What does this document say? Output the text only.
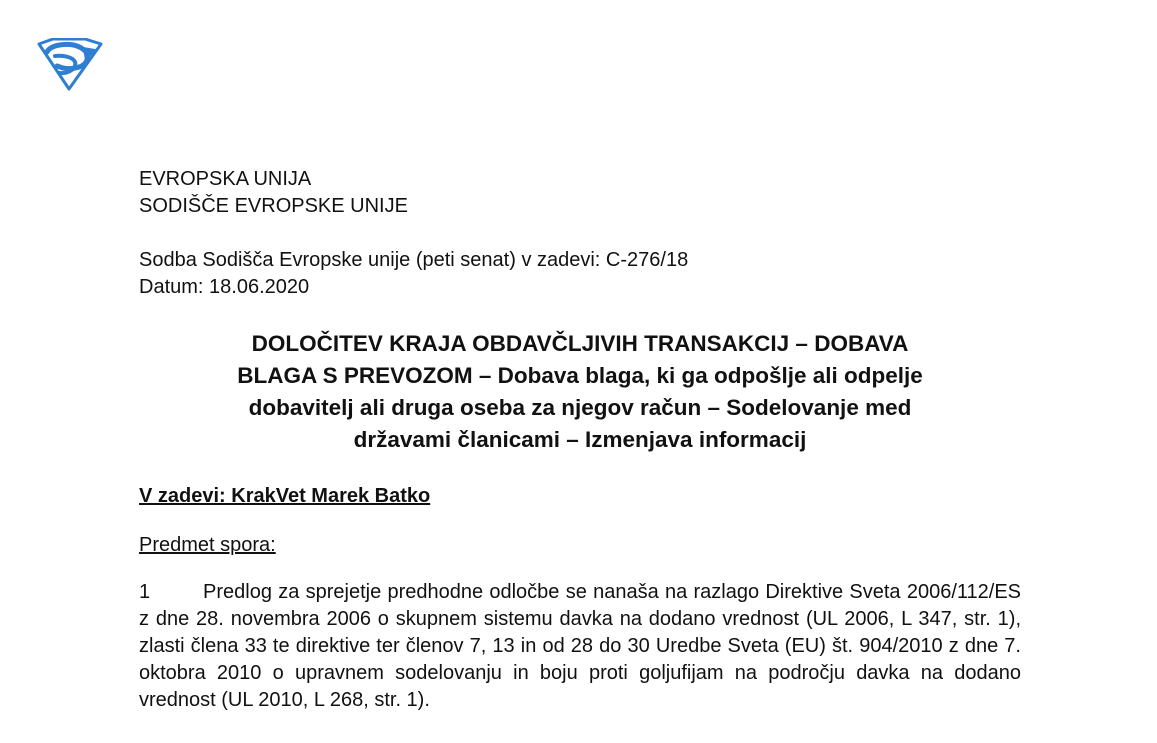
EVROPSKA UNIJA
SODIŠČE EVROPSKE UNIJE
Sodba Sodišča Evropske unije (peti senat) v zadevi: C-276/18
Datum: 18.06.2020
DOLOČITEV KRAJA OBDAVČLJIVIH TRANSAKCIJ – DOBAVA
BLAGA S PREVOZOM – Dobava blaga, ki ga odpošlje ali odpelje
dobavitelj ali druga oseba za njegov račun – Sodelovanje med
državami članicami – Izmenjava informacij
V zadevi: KrakVet Marek Batko
Predmet spora:
1	Predlog za sprejetje predhodne odločbe se nanaša na razlago Direktive Sveta 2006/112/ES z dne 28. novembra 2006 o skupnem sistemu davka na dodano vrednost (UL 2006, L 347, str. 1), zlasti člena 33 te direktive ter členov 7, 13 in od 28 do 30 Uredbe Sveta (EU) št. 904/2010 z dne 7. oktobra 2010 o upravnem sodelovanju in boju proti goljufijam na področju davka na dodano vrednost (UL 2010, L 268, str. 1).
